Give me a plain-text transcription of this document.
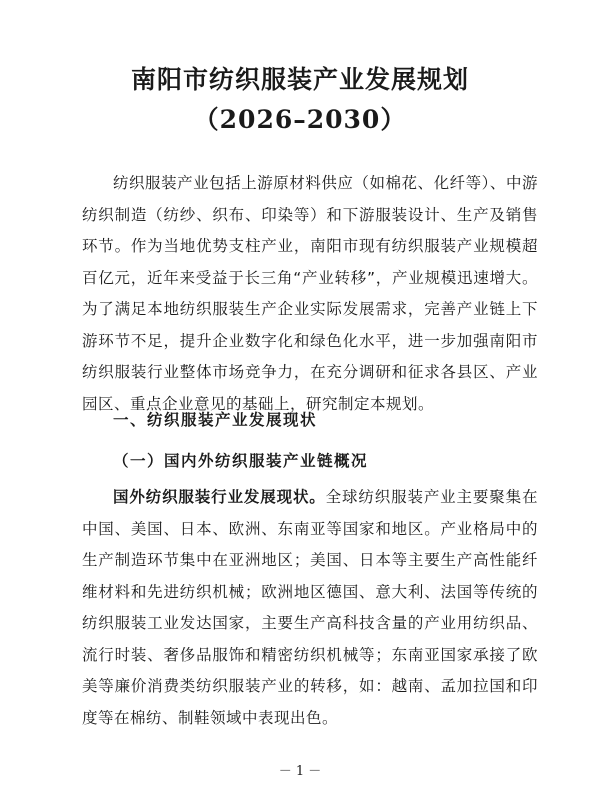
南阳市纺织服装产业发展规划
（2026–2030）

纺织服装产业包括上游原材料供应（如棉花、化纤等）、中游纺织制造（纺纱、织布、印染等）和下游服装设计、生产及销售环节。作为当地优势支柱产业，南阳市现有纺织服装产业规模超百亿元，近年来受益于长三角“产业转移”，产业规模迅速增大。为了满足本地纺织服装生产企业实际发展需求，完善产业链上下游环节不足，提升企业数字化和绿色化水平，进一步加强南阳市纺织服装行业整体市场竞争力，在充分调研和征求各县区、产业园区、重点企业意见的基础上，研究制定本规划。

一、纺织服装产业发展现状

（一）国内外纺织服装产业链概况

国外纺织服装行业发展现状。全球纺织服装产业主要聚集在中国、美国、日本、欧洲、东南亚等国家和地区。产业格局中的生产制造环节集中在亚洲地区；美国、日本等主要生产高性能纤维材料和先进纺织机械；欧洲地区德国、意大利、法国等传统的纺织服装工业发达国家，主要生产高科技含量的产业用纺织品、流行时装、奢侈品服饰和精密纺织机械等；东南亚国家承接了欧美等廉价消费类纺织服装产业的转移，如：越南、孟加拉国和印度等在棉纺、制鞋领域中表现出色。

－ 1 －
